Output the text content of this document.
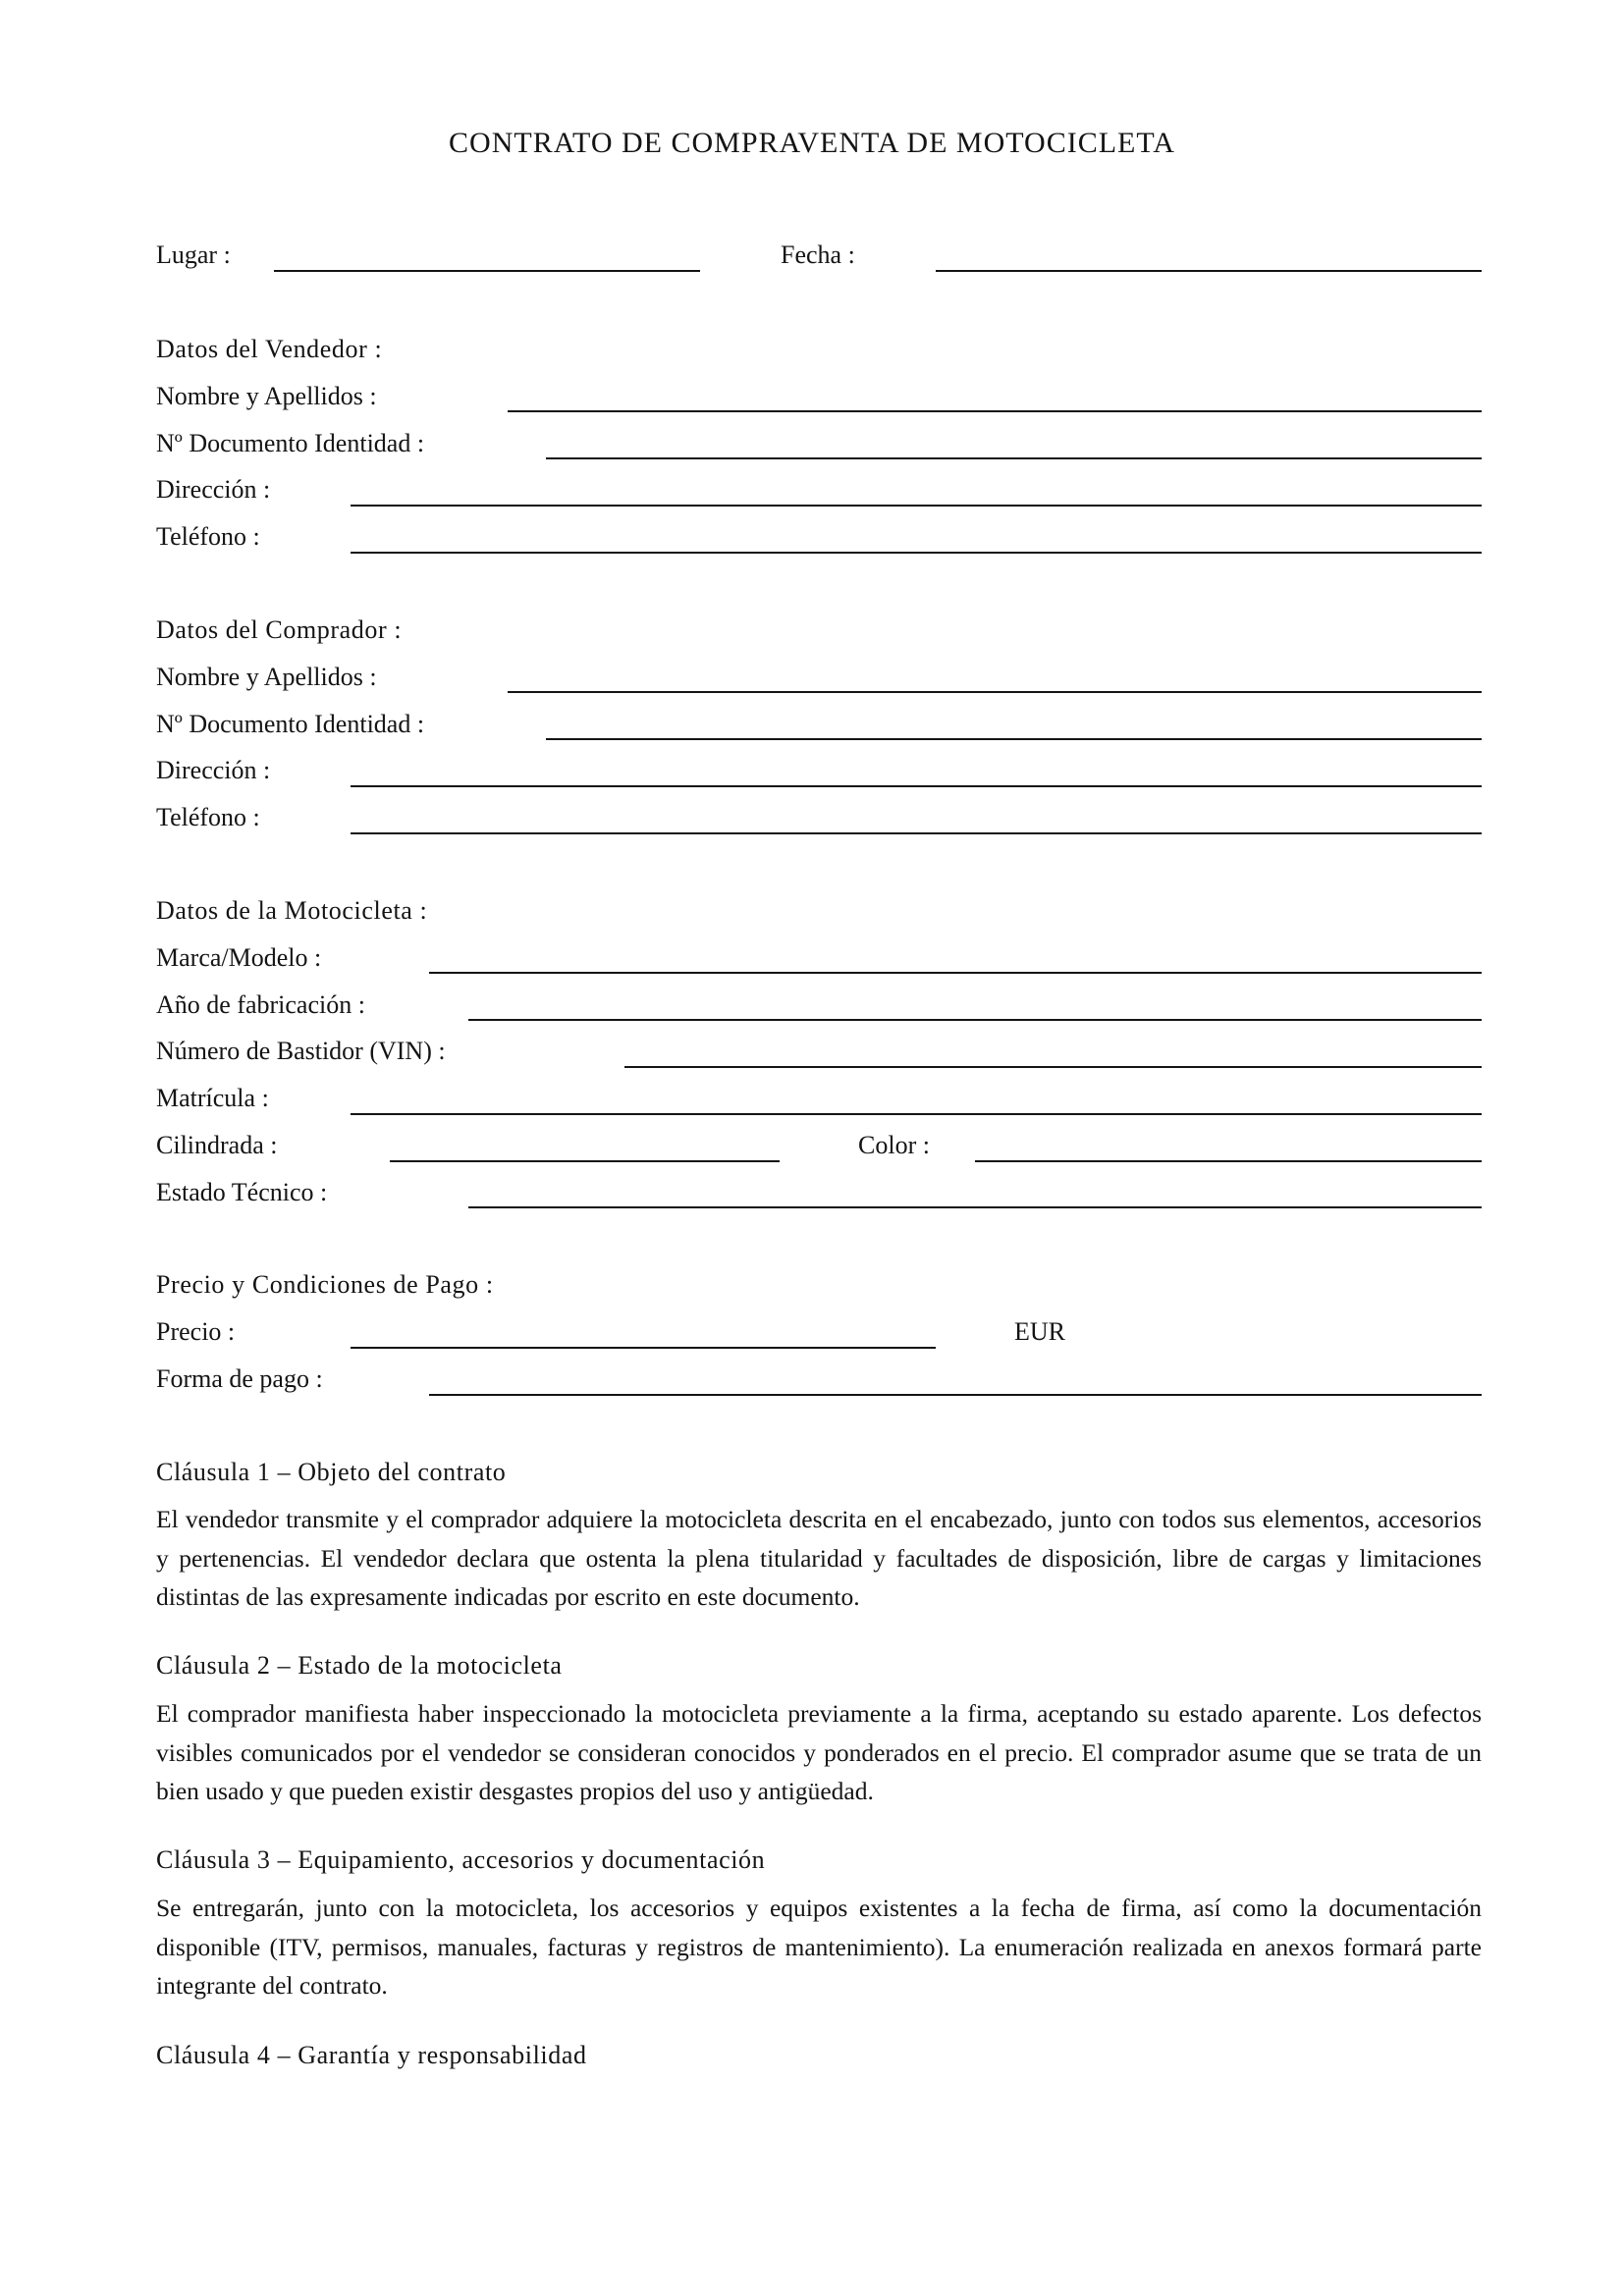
CONTRATO DE COMPRAVENTA DE MOTOCICLETA
Lugar :	Fecha :
Datos del Vendedor :
Nombre y Apellidos :
Nº Documento Identidad :
Dirección :
Teléfono :
Datos del Comprador :
Nombre y Apellidos :
Nº Documento Identidad :
Dirección :
Teléfono :
Datos de la Motocicleta :
Marca/Modelo :
Año de fabricación :
Número de Bastidor (VIN) :
Matrícula :
Cilindrada :	Color :
Estado Técnico :
Precio y Condiciones de Pago :
Precio :	EUR
Forma de pago :
Cláusula 1 – Objeto del contrato
El vendedor transmite y el comprador adquiere la motocicleta descrita en el encabezado, junto con todos sus elementos, accesorios y pertenencias. El vendedor declara que ostenta la plena titularidad y facultades de disposición, libre de cargas y limitaciones distintas de las expresamente indicadas por escrito en este documento.
Cláusula 2 – Estado de la motocicleta
El comprador manifiesta haber inspeccionado la motocicleta previamente a la firma, aceptando su estado aparente. Los defectos visibles comunicados por el vendedor se consideran conocidos y ponderados en el precio. El comprador asume que se trata de un bien usado y que pueden existir desgastes propios del uso y antigüedad.
Cláusula 3 – Equipamiento, accesorios y documentación
Se entregarán, junto con la motocicleta, los accesorios y equipos existentes a la fecha de firma, así como la documentación disponible (ITV, permisos, manuales, facturas y registros de mantenimiento). La enumeración realizada en anexos formará parte integrante del contrato.
Cláusula 4 – Garantía y responsabilidad
